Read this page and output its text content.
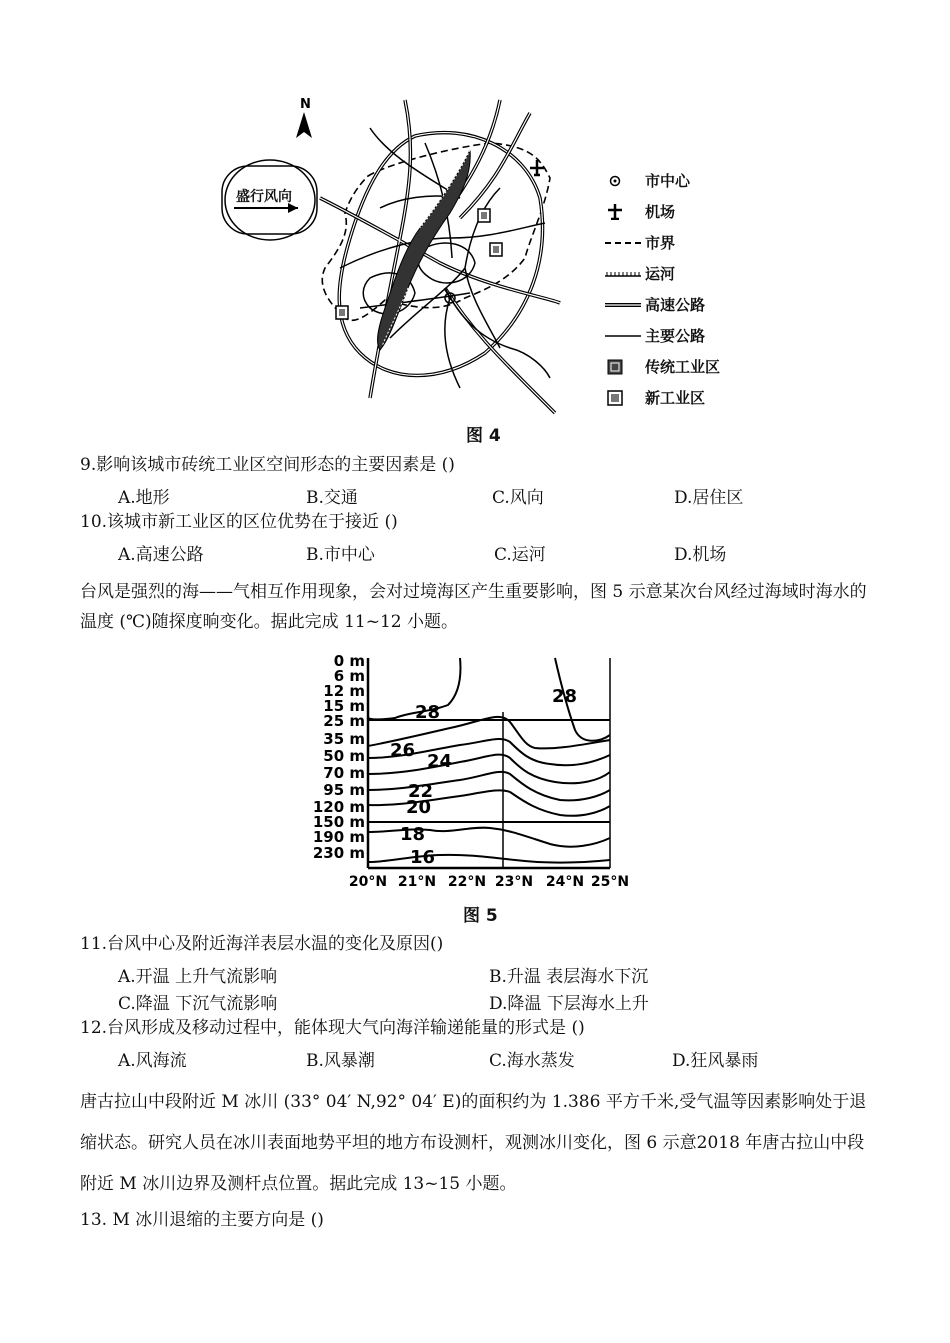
N
盛行风向
市中心
机场
市界
运河
高速公路
主要公路
传统工业区
新工业区
图 4
9.影响该城市砖统工业区空间形态的主要因素是 ()
A.地形	B.交通	C.风向	D.居住区
10.该城市新工业区的区位优势在于接近 ()
A.高速公路	B.市中心	C.运河	D.机场
台风是强烈的海——气相互作用现象，会对过境海区产生重要影响，图 5 示意某次台风经过海域时海水的温度 (℃)随探度晌变化。据此完成 11~12 小题。
0 m
6 m
12 m
15 m
25 m
35 m
50 m
70 m
95 m
120 m
150 m
190 m
230 m
28
28
26
24
22
20
18
16
20°N 21°N 22°N 23°N 24°N 25°N
图 5
11.台风中心及附近海洋表层水温的变化及原因()
A.开温 上升气流影响	B.升温 表层海水下沉
C.降温 下沉气流影响	D.降温 下层海水上升
12.台风形成及移动过程中，能体现大气向海洋输递能量的形式是 ()
A.风海流	B.风暴潮	C.海水蒸发	D.狂风暴雨
唐古拉山中段附近 M 冰川 (33° 04′ N,92° 04′ E)的面积约为 1.386 平方千米,受气温等因素影响处于退缩状态。研究人员在冰川表面地势平坦的地方布设测杆，观测冰川变化，图 6 示意2018 年唐古拉山中段附近 M 冰川边界及测杆点位置。据此完成 13~15 小题。
13. M 冰川退缩的主要方向是 ()
